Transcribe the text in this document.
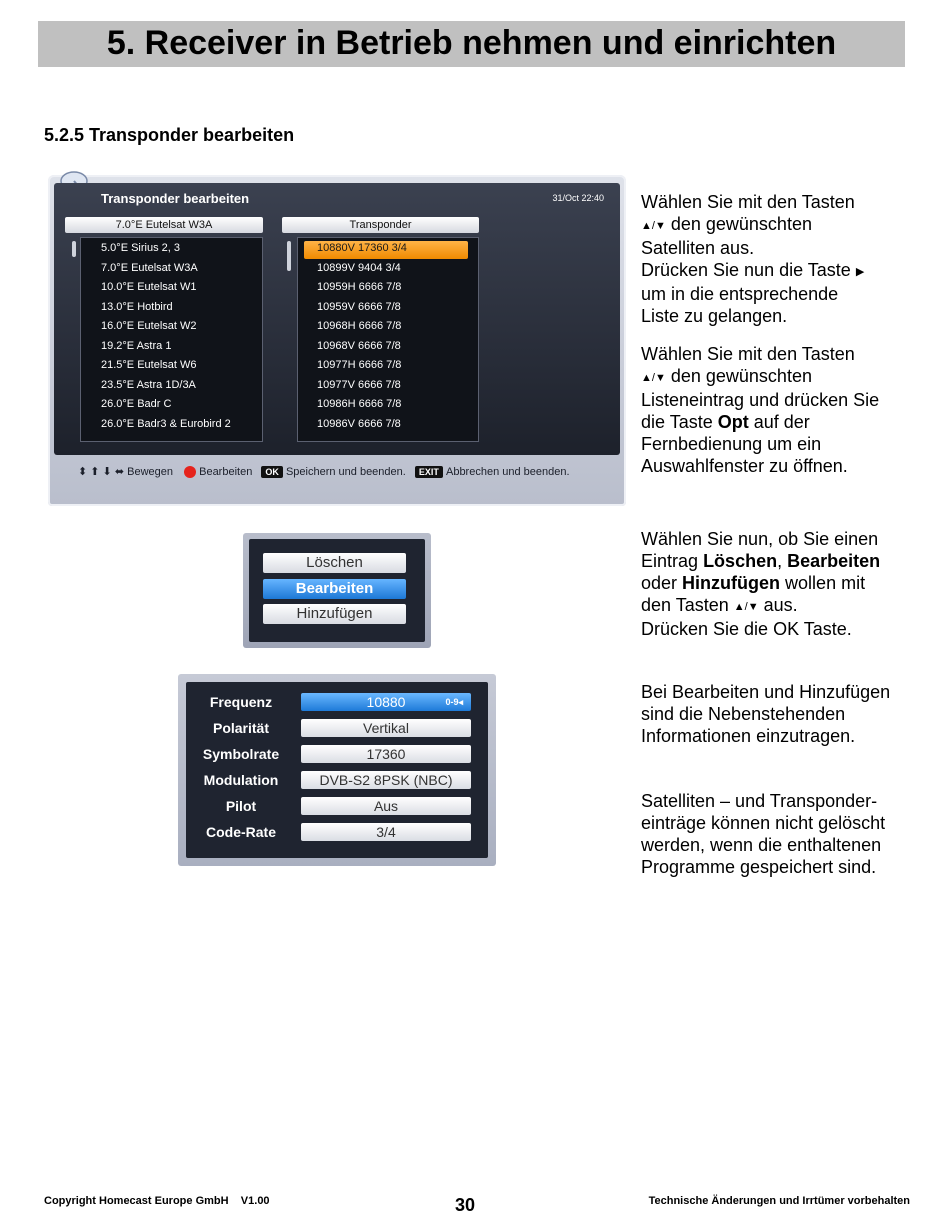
5. Receiver in Betrieb nehmen und einrichten
5.2.5 Transponder bearbeiten
Transponder bearbeiten	31/Oct 22:40
7.0°E Eutelsat W3A	Transponder
5.0°E Sirius 2, 3
7.0°E Eutelsat W3A
10.0°E Eutelsat W1
13.0°E Hotbird
16.0°E Eutelsat W2
19.2°E Astra 1
21.5°E Eutelsat W6
23.5°E Astra 1D/3A
26.0°E Badr C
26.0°E Badr3 & Eurobird 2
10880V 17360 3/4
10899V 9404 3/4
10959H 6666 7/8
10959V 6666 7/8
10968H 6666 7/8
10968V 6666 7/8
10977H 6666 7/8
10977V 6666 7/8
10986H 6666 7/8
10986V 6666 7/8
⬍ ⬆ ⬇ ⬌ Bewegen Bearbeiten OK Speichern und beenden. EXIT Abbrechen und beenden.
Löschen
Bearbeiten
Hinzufügen
Frequenz	10880	0-9◂
Polarität	Vertikal
Symbolrate	17360
Modulation	DVB-S2 8PSK (NBC)
Pilot	Aus
Code-Rate	3/4
Wählen Sie mit den Tasten
▲/▼ den gewünschten
Satelliten aus.
Drücken Sie nun die Taste ▶
um in die entsprechende
Liste zu gelangen.
Wählen Sie mit den Tasten
▲/▼ den gewünschten
Listeneintrag und drücken Sie
die Taste Opt auf der
Fernbedienung um ein
Auswahlfenster zu öffnen.
Wählen Sie nun, ob Sie einen
Eintrag Löschen, Bearbeiten
oder Hinzufügen wollen mit
den Tasten ▲/▼ aus.
Drücken Sie die OK Taste.
Bei Bearbeiten und Hinzufügen sind die Nebenstehenden Informationen einzutragen.
Satelliten – und Transponder-einträge können nicht gelöscht werden, wenn die enthaltenen Programme gespeichert sind.
Copyright Homecast Europe GmbH    V1.00	30	Technische Änderungen und Irrtümer vorbehalten
